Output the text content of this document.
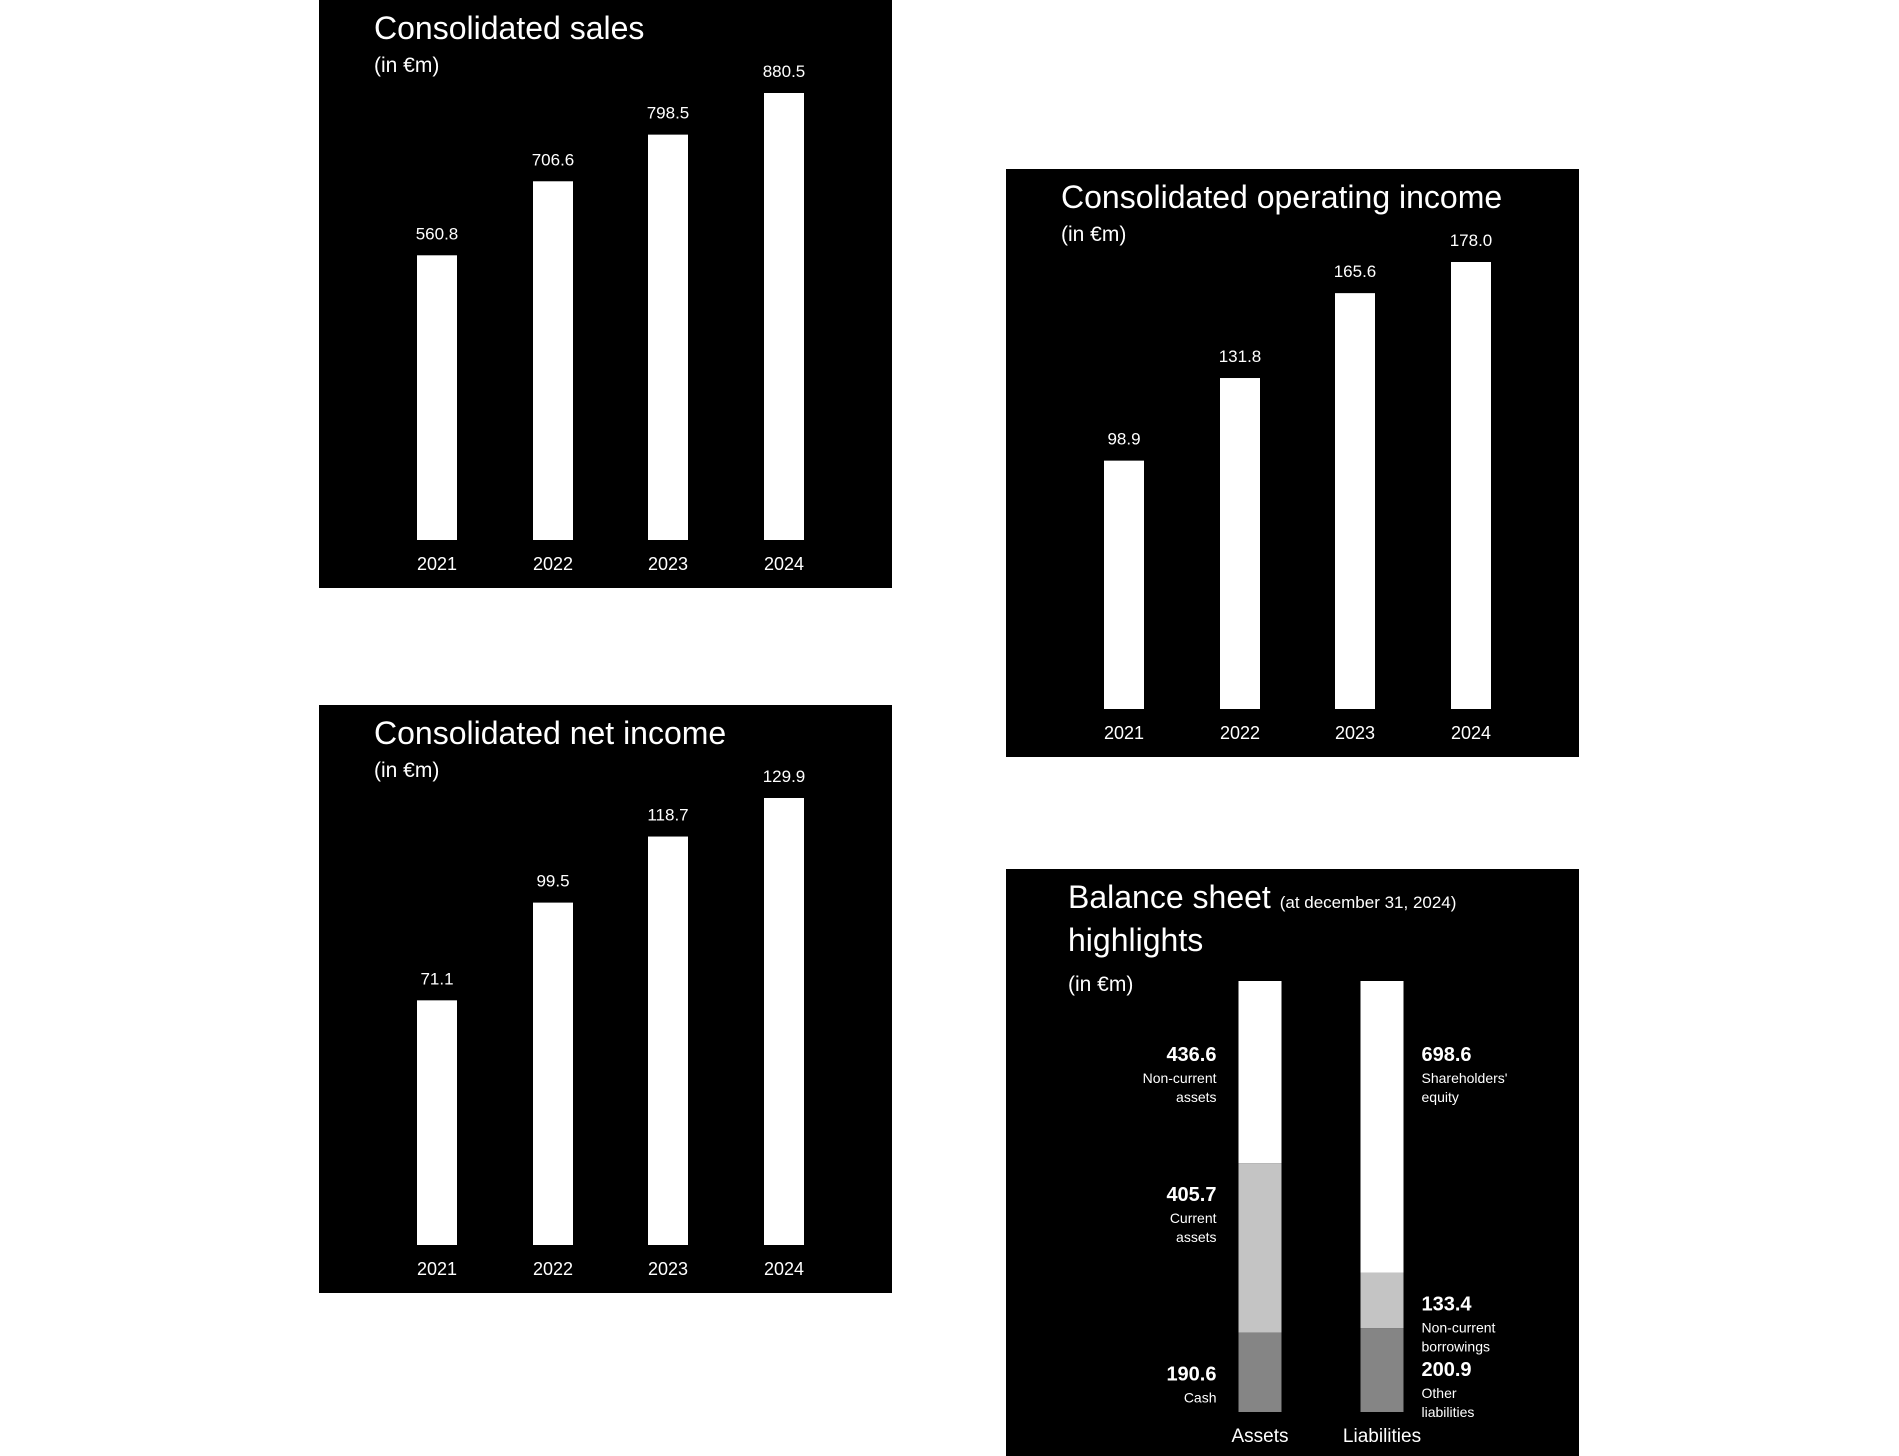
560.8
2021
706.6
2022
798.5
2023
880.5
2024
Consolidated sales
(in €m)
98.9
2021
131.8
2022
165.6
2023
178.0
2024
Consolidated operating income
(in €m)
71.1
2021
99.5
2022
118.7
2023
129.9
2024
Consolidated net income
(in €m)
190.6
Cash
405.7
Current
assets
436.6
Non-current
assets
Assets
200.9
Other
liabilities
133.4
Non-current
borrowings
698.6
Shareholders'
equity
Liabilities
Balance sheet (at december 31, 2024)
highlights
(in €m)
